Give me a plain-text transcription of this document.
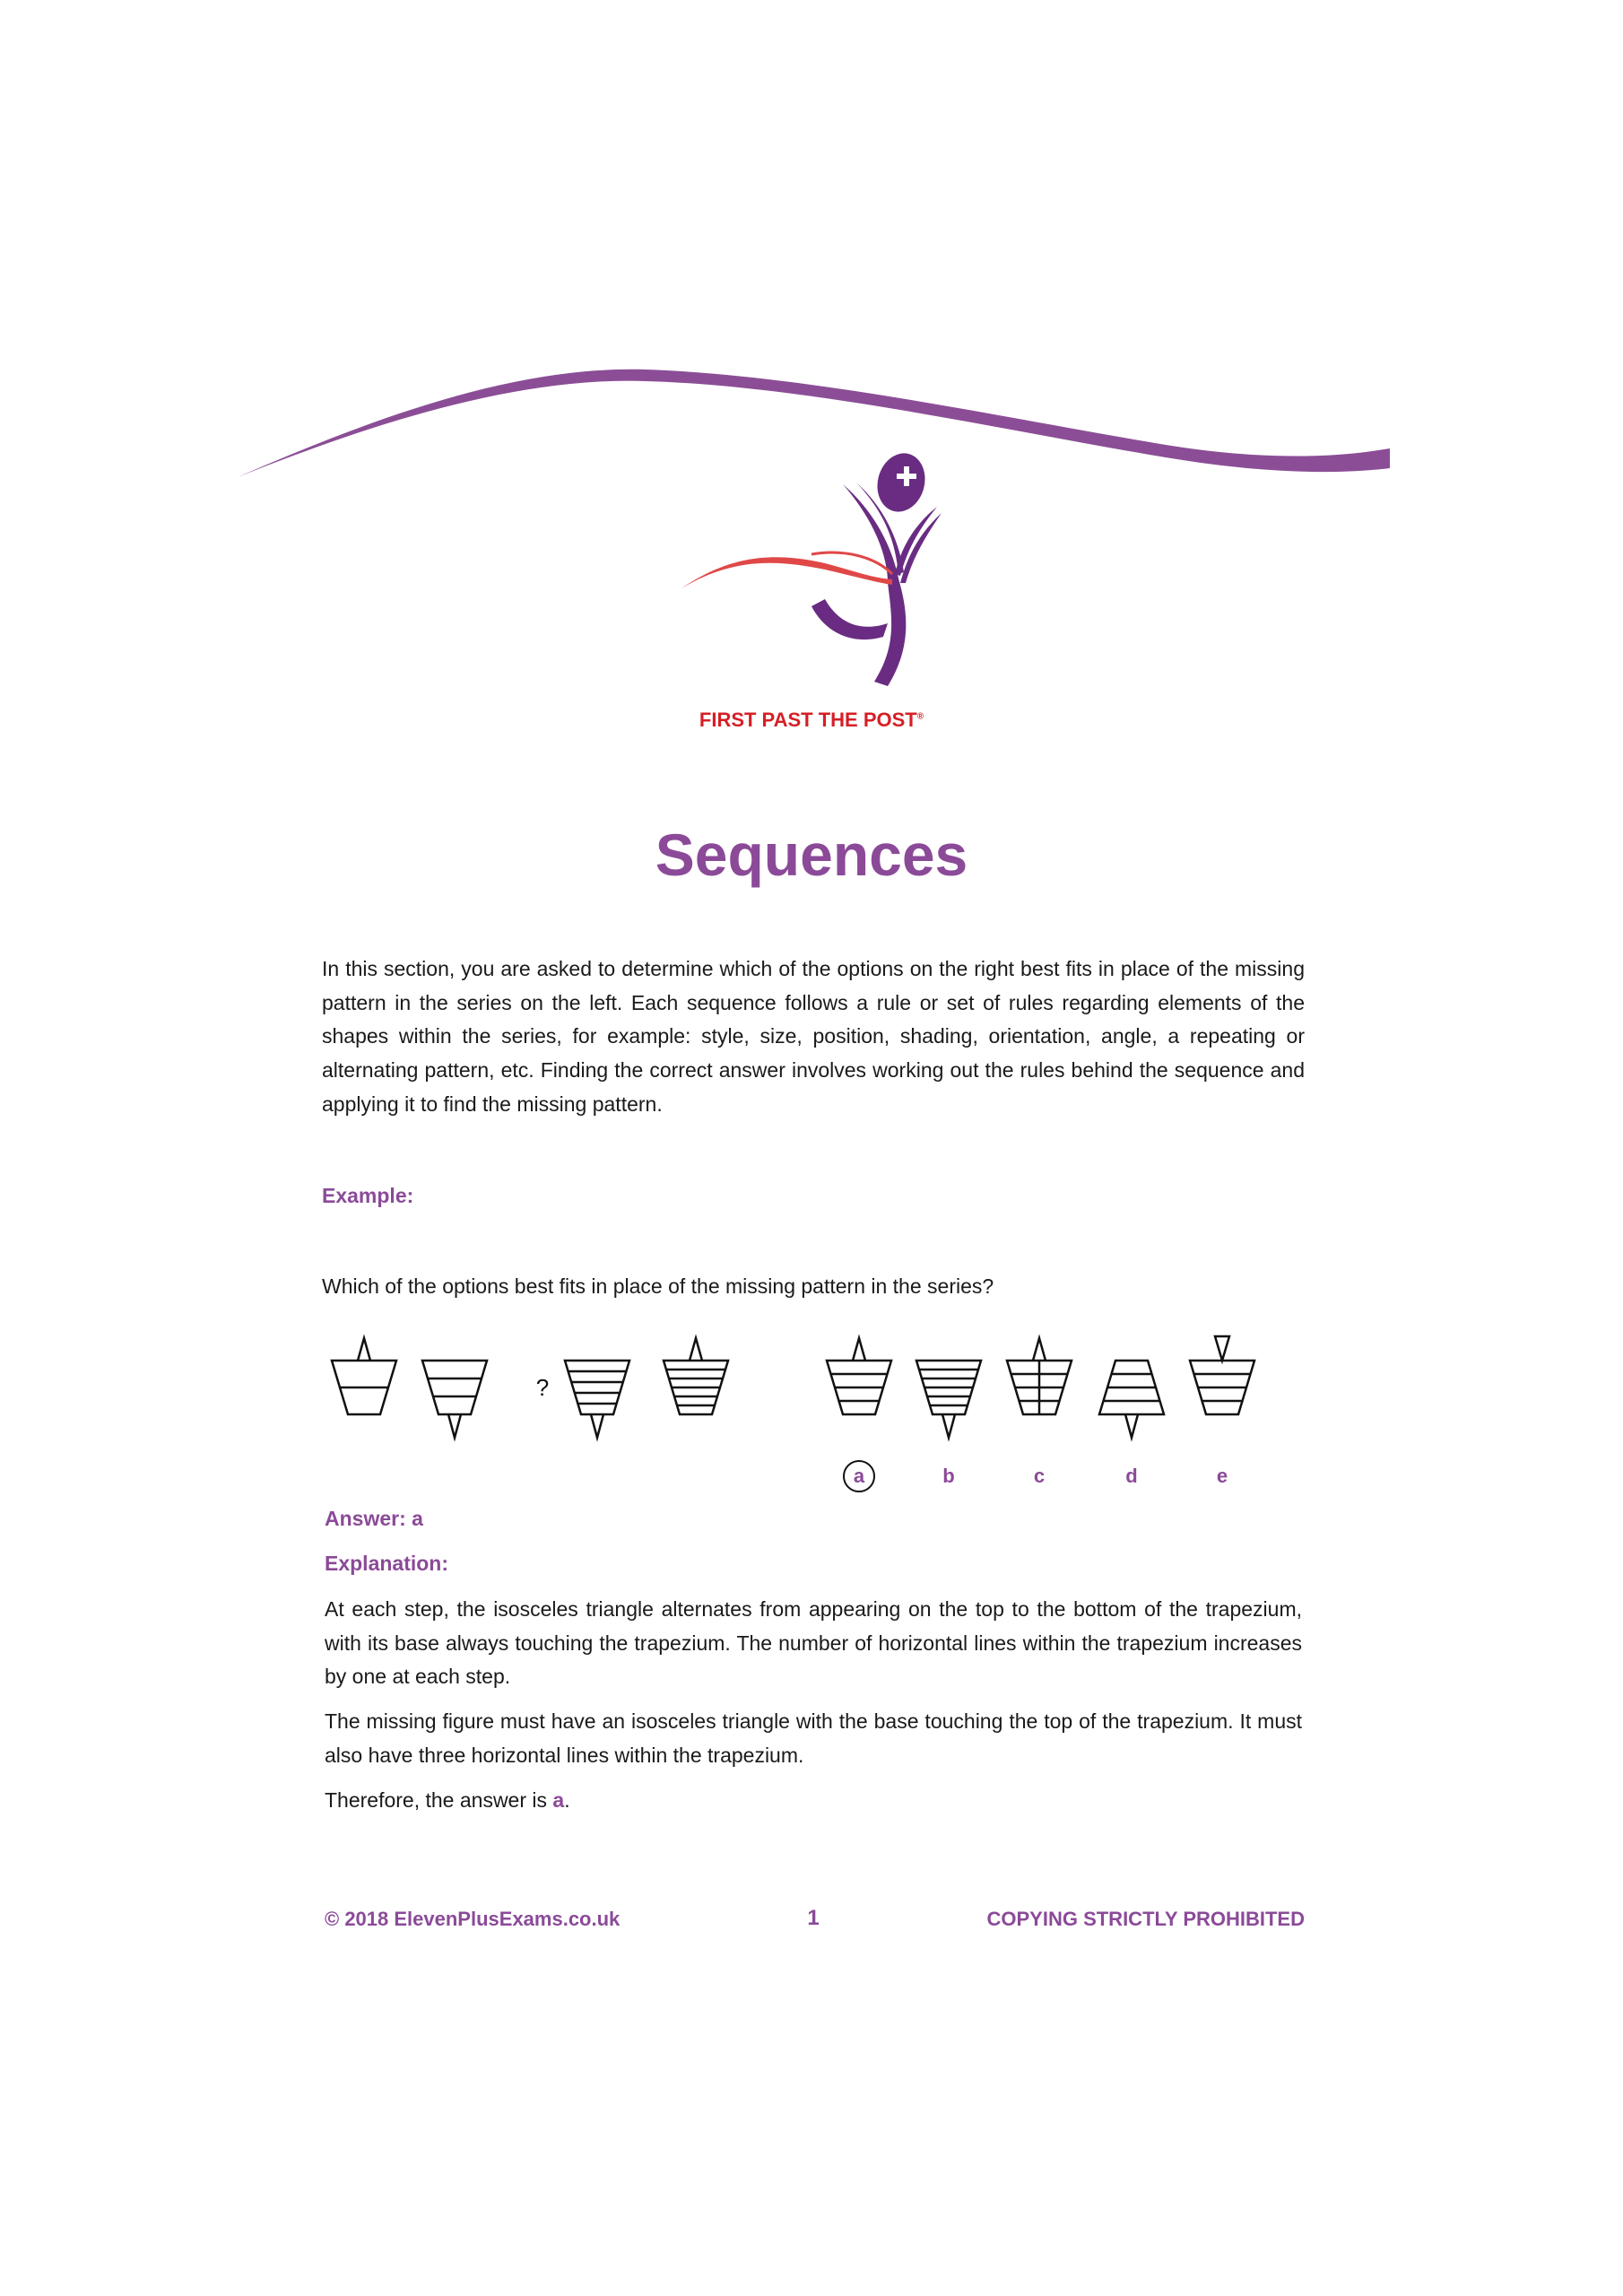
FIRST PAST THE POST®
Sequences
In this section, you are asked to determine which of the options on the right best fits in place of the missing pattern in the series on the left. Each sequence follows a rule or set of rules regarding elements of the shapes within the series, for example: style, size, position, shading, orientation, angle, a repeating or alternating pattern, etc. Finding the correct answer involves working out the rules behind the sequence and applying it to find the missing pattern.
Example:
Which of the options best fits in place of the missing pattern in the series?
?
a	b	c	d	e
Answer: a
Explanation:
At each step, the isosceles triangle alternates from appearing on the top to the bottom of the trapezium, with its base always touching the trapezium. The number of horizontal lines within the trapezium increases by one at each step.
The missing figure must have an isosceles triangle with the base touching the top of the trapezium. It must also have three horizontal lines within the trapezium.
Therefore, the answer is a.
© 2018 ElevenPlusExams.co.uk	1	COPYING STRICTLY PROHIBITED
